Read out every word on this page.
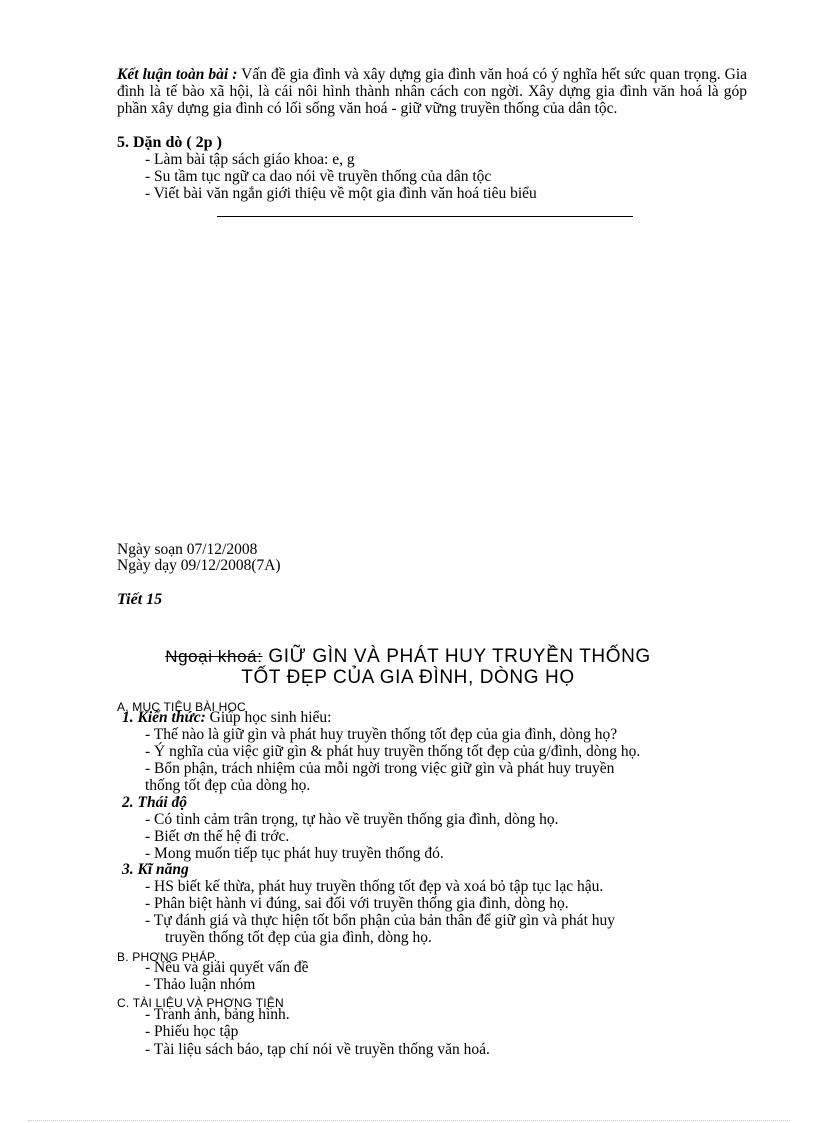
Kết luận toàn bài : Vấn đề gia đình và xây dựng gia đình văn hoá có ý nghĩa hết sức quan trọng. Gia đình là tế bào xã hội, là cái nôi hình thành nhân cách con ngời. Xây dựng gia đình văn hoá là góp phần xây dựng gia đình có lối sống văn hoá - giữ vững truyền thống của dân tộc.
5. Dặn dò ( 2p )
- Làm bài tập sách giáo khoa: e, g
- Su tầm tục ngữ ca dao nói về truyền thống của dân tộc
- Viết bài văn ngắn giới thiệu về một gia đình văn hoá tiêu biểu
Ngày soạn 07/12/2008
Ngày dạy 09/12/2008(7A)
Tiết 15
Ngoại khoá: GIỮ GÌN VÀ PHÁT HUY TRUYỀN THỐNG
TỐT ĐẸP CỦA GIA ĐÌNH, DÒNG HỌ
A. MỤC TIÊU BÀI HỌC
1. Kiến thức: Giúp học sinh hiểu:
- Thế nào là giữ gìn và phát huy truyền thống tốt đẹp của gia đình, dòng họ?
- Ý nghĩa của việc giữ gìn & phát huy truyền thống tốt đẹp của g/đình, dòng họ.
- Bổn phận, trách nhiệm của mỗi ngời trong việc giữ gìn và phát huy truyền
thống tốt đẹp của dòng họ.
2. Thái độ
- Có tình cảm trân trọng, tự hào về truyền thống gia đình, dòng họ.
- Biết ơn thế hệ đi trớc.
- Mong muốn tiếp tục phát huy truyền thống đó.
3. Kĩ năng
- HS biết kế thừa, phát huy truyền thống tốt đẹp và xoá bỏ tập tục lạc hậu.
- Phân biệt hành vi đúng, sai đối với truyền thống gia đình, dòng họ.
- Tự đánh giá và thực hiện tốt bổn phận của bản thân để giữ gìn và phát huy
truyền thống tốt đẹp của gia đình, dòng họ.
B. PHƠNG PHÁP.
- Nêu và giải quyết vấn đề
- Thảo luận nhóm
C. TÀI LIỆU VÀ PHƠNG TIỆN
- Tranh ảnh, bảng hình.
- Phiếu học tập
- Tài liệu sách báo, tạp chí nói về truyền thống văn hoá.
